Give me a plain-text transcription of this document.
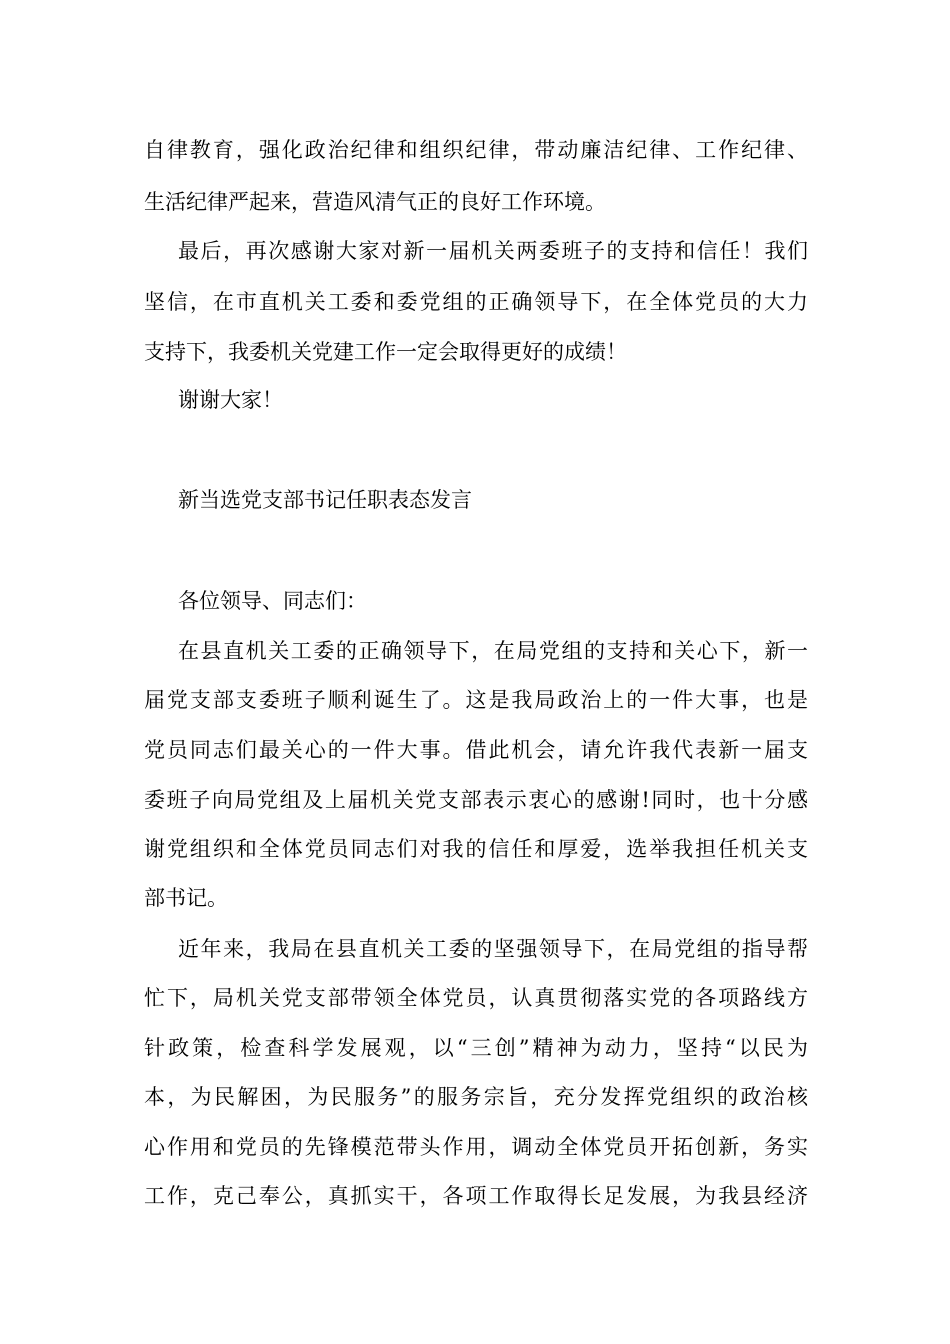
自律教育，强化政治纪律和组织纪律，带动廉洁纪律、工作纪律、
生活纪律严起来，营造风清气正的良好工作环境。
最后，再次感谢大家对新一届机关两委班子的支持和信任！我们
坚信，在市直机关工委和委党组的正确领导下，在全体党员的大力
支持下，我委机关党建工作一定会取得更好的成绩！
谢谢大家！
新当选党支部书记任职表态发言
各位领导、同志们：
在县直机关工委的正确领导下，在局党组的支持和关心下，新一
届党支部支委班子顺利诞生了。这是我局政治上的一件大事，也是
党员同志们最关心的一件大事。借此机会，请允许我代表新一届支
委班子向局党组及上届机关党支部表示衷心的感谢!同时，也十分感
谢党组织和全体党员同志们对我的信任和厚爱，选举我担任机关支
部书记。
近年来，我局在县直机关工委的坚强领导下，在局党组的指导帮
忙下，局机关党支部带领全体党员，认真贯彻落实党的各项路线方
针政策，检查科学发展观，以“三创”精神为动力，坚持“以民为
本，为民解困，为民服务”的服务宗旨，充分发挥党组织的政治核
心作用和党员的先锋模范带头作用，调动全体党员开拓创新，务实
工作，克己奉公，真抓实干，各项工作取得长足发展，为我县经济
